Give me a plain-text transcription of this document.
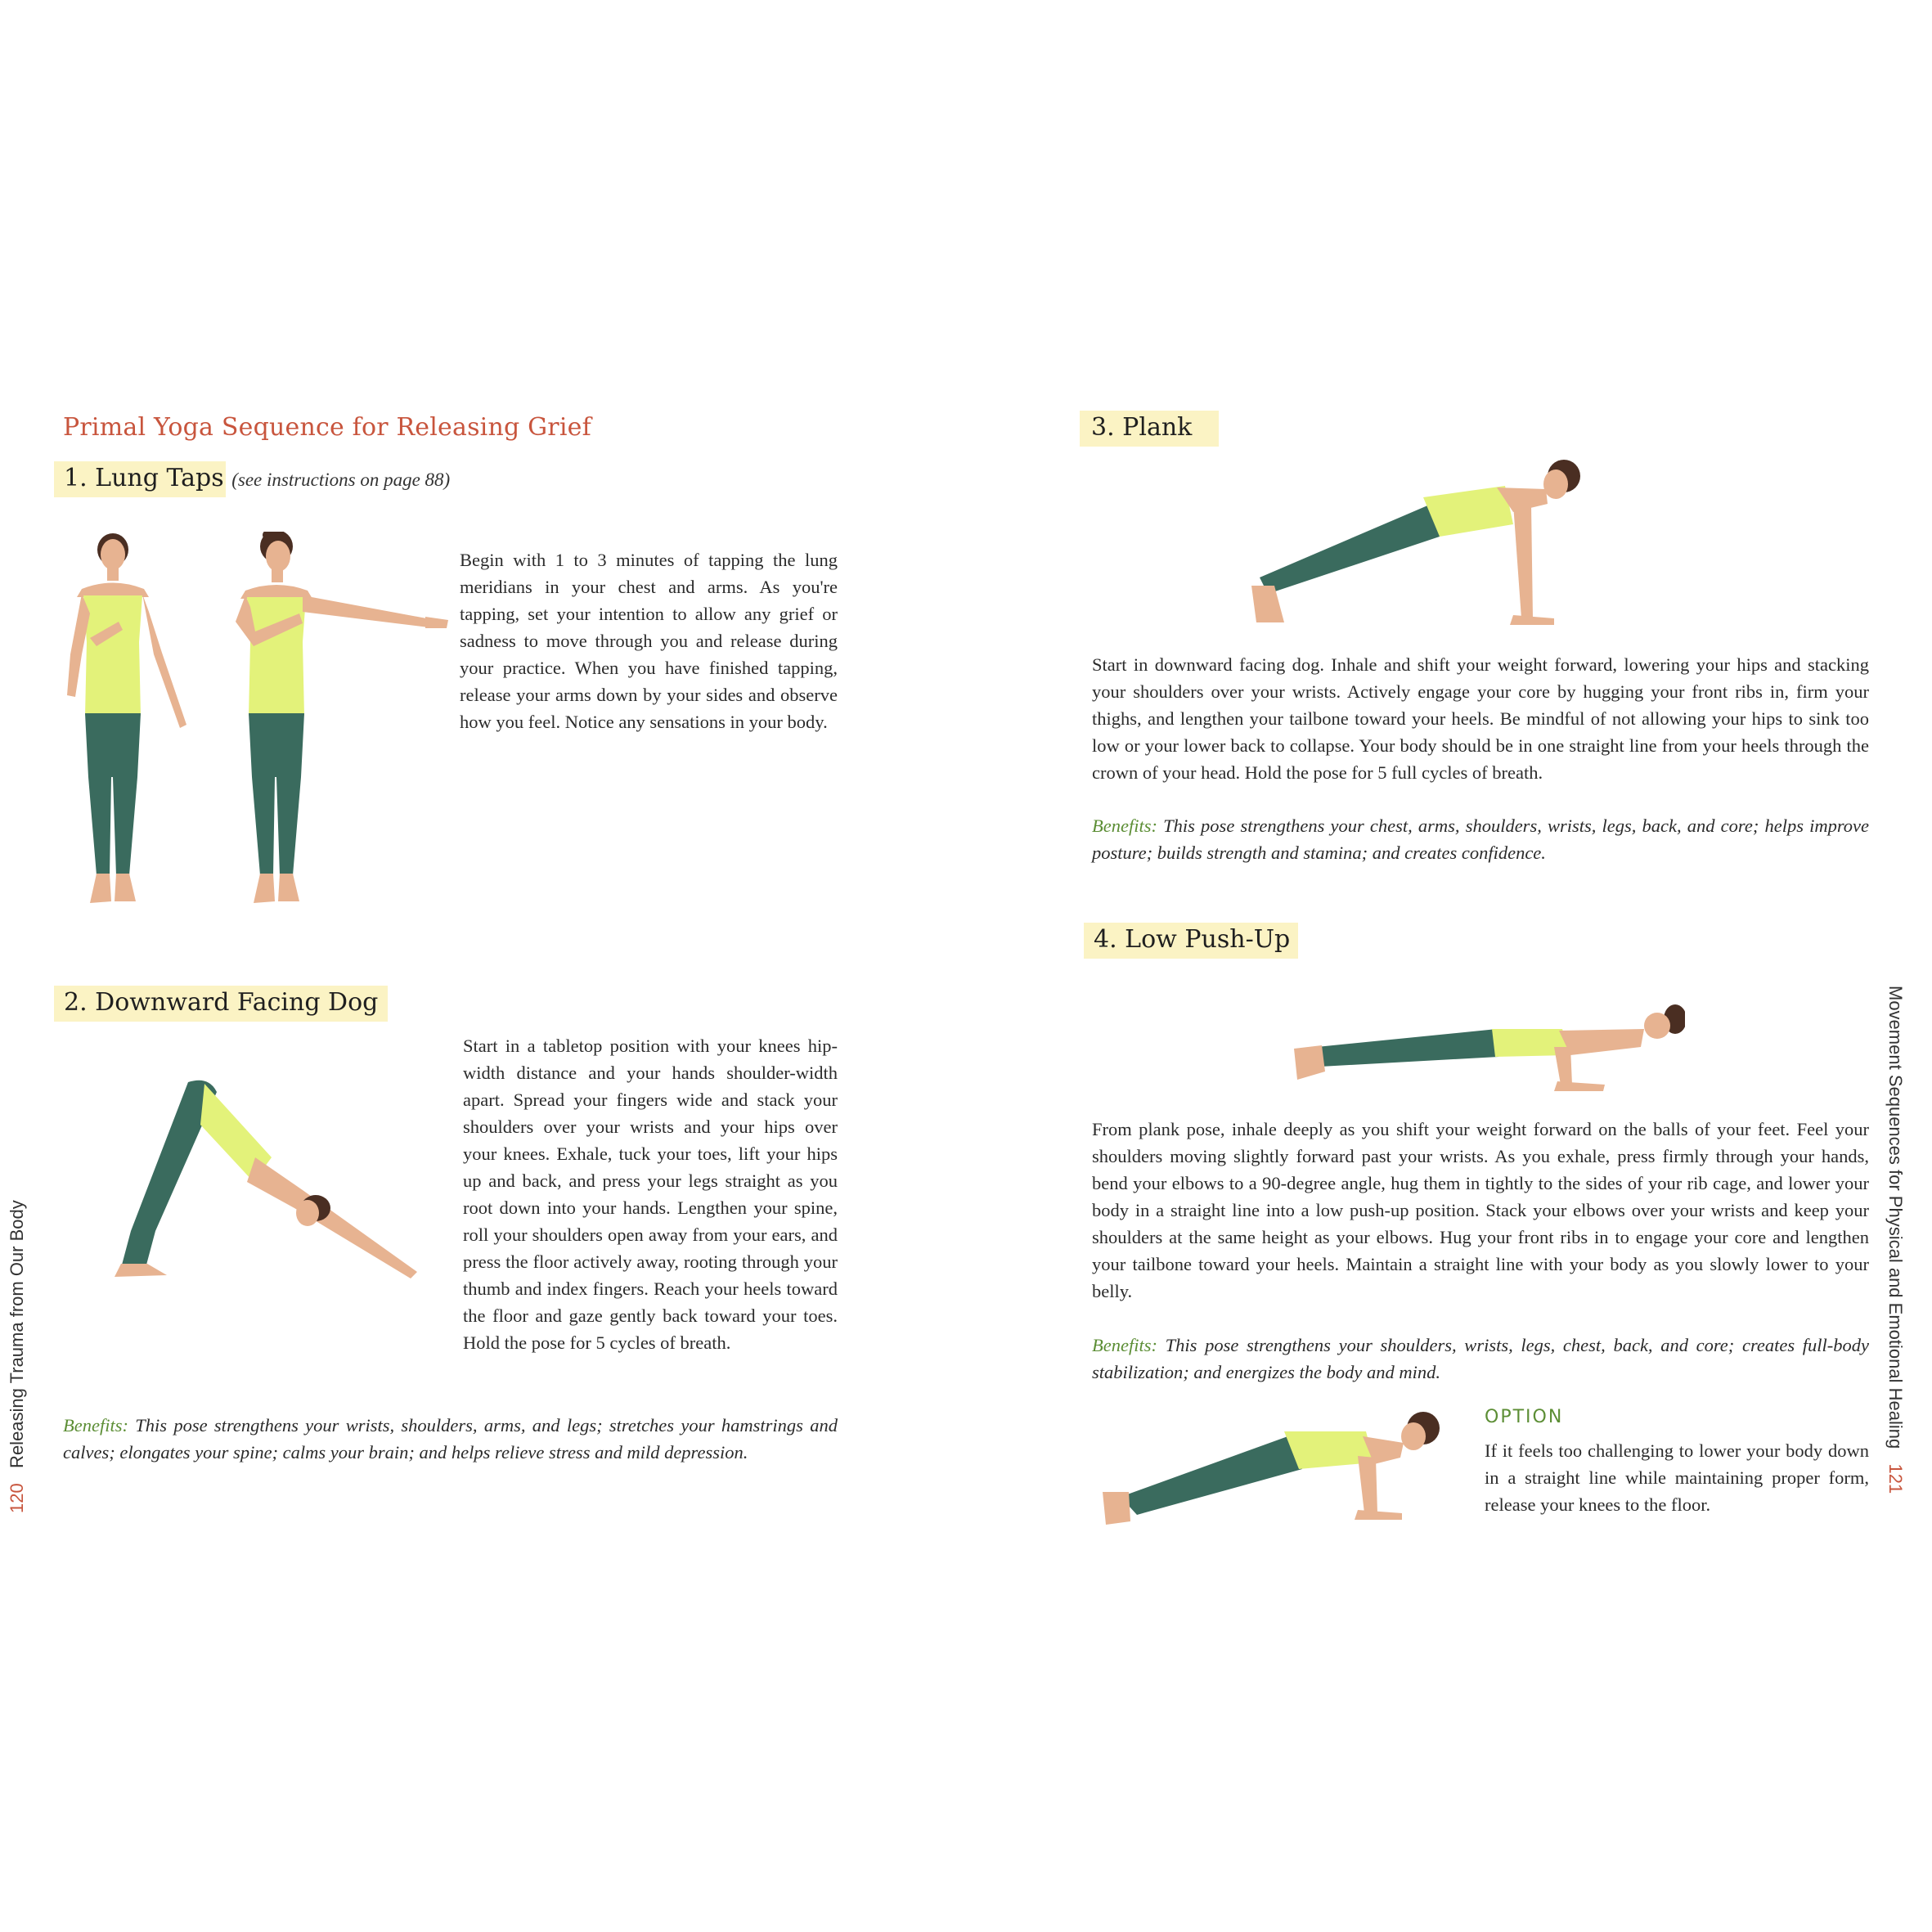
Primal Yoga Sequence for Releasing Grief
1. Lung Taps (see instructions on page 88)
Begin with 1 to 3 minutes of tapping the lung meridians in your chest and arms. As you're tapping, set your intention to allow any grief or sadness to move through you and release during your practice. When you have finished tapping, release your arms down by your sides and observe how you feel. Notice any sensations in your body.
2. Downward Facing Dog
Start in a tabletop position with your knees hip-width distance and your hands shoulder-width apart. Spread your fingers wide and stack your shoulders over your wrists and your hips over your knees. Exhale, tuck your toes, lift your hips up and back, and press your legs straight as you root down into your hands. Lengthen your spine, roll your shoulders open away from your ears, and press the floor actively away, rooting through your thumb and index fingers. Reach your heels toward the floor and gaze gently back toward your toes. Hold the pose for 5 cycles of breath.
Benefits: This pose strengthens your wrists, shoulders, arms, and legs; stretches your hamstrings and calves; elongates your spine; calms your brain; and helps relieve stress and mild depression.
120   Releasing Trauma from Our Body
3. Plank
Start in downward facing dog. Inhale and shift your weight forward, lowering your hips and stacking your shoulders over your wrists. Actively engage your core by hugging your front ribs in, firm your thighs, and lengthen your tailbone toward your heels. Be mindful of not allowing your hips to sink too low or your lower back to collapse. Your body should be in one straight line from your heels through the crown of your head. Hold the pose for 5 full cycles of breath.
Benefits: This pose strengthens your chest, arms, shoulders, wrists, legs, back, and core; helps improve posture; builds strength and stamina; and creates confidence.
4. Low Push-Up
From plank pose, inhale deeply as you shift your weight forward on the balls of your feet. Feel your shoulders moving slightly forward past your wrists. As you exhale, press firmly through your hands, bend your elbows to a 90-degree angle, hug them in tightly to the sides of your rib cage, and lower your body in a straight line into a low push-up position. Stack your elbows over your wrists and keep your shoulders at the same height as your elbows. Hug your front ribs in to engage your core and lengthen your tailbone toward your heels. Maintain a straight line with your body as you slowly lower to your belly.
Benefits: This pose strengthens your shoulders, wrists, legs, chest, back, and core; creates full-body stabilization; and energizes the body and mind.
OPTION
If it feels too challenging to lower your body down in a straight line while maintaining proper form, release your knees to the floor.
Movement Sequences for Physical and Emotional Healing   121
